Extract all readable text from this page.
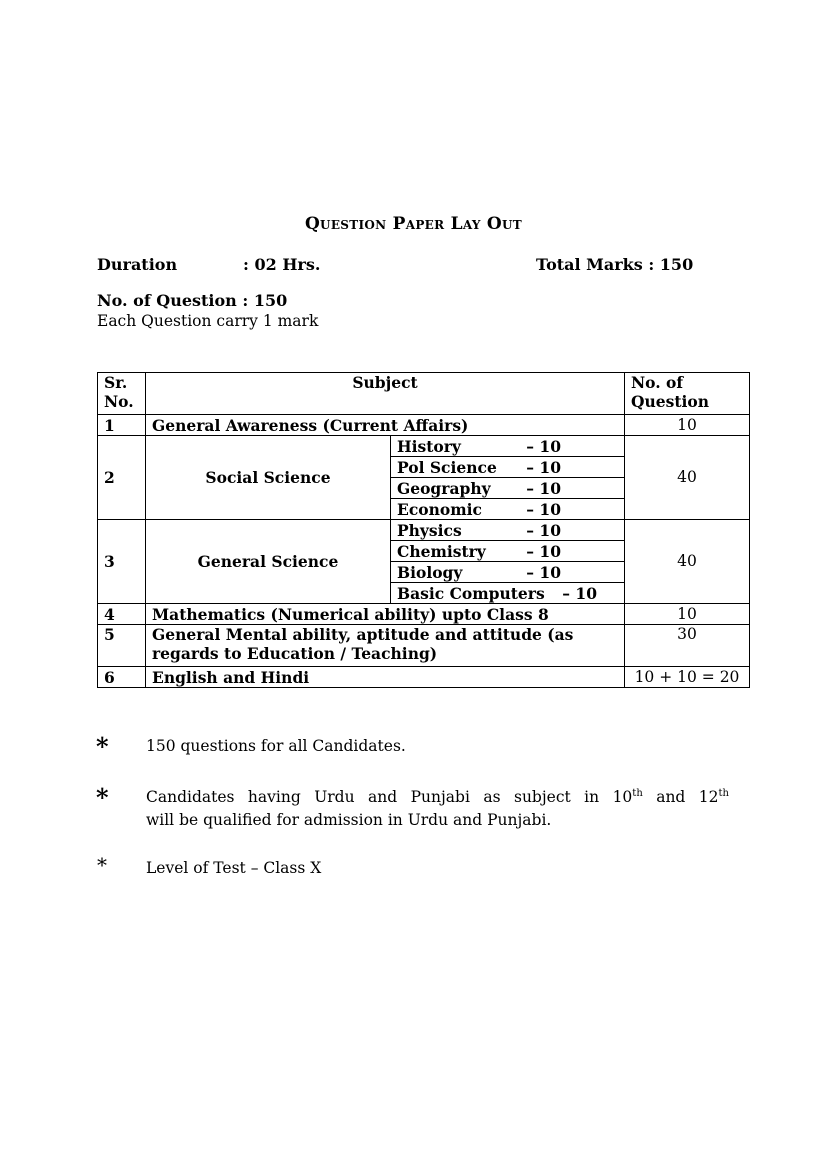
Question Paper Lay Out
Duration	: 02 Hrs.	Total Marks : 150
No. of Question : 150
Each Question carry 1 mark
Sr. No.	Subject		No. of Question
1	General Awareness (Current Affairs)		10
2	Social Science	History – 10	40

		Pol Science – 10	

		Geography – 10	

		Economic – 10	

3	General Science	Physics – 10	40

		Chemistry – 10	

		Biology – 10	

		Basic Computers – 10	

4	Mathematics (Numerical ability) upto Class 8		10
5	General Mental ability, aptitude and attitude (as regards to Education / Teaching)		30
6	English and Hindi		10 + 10 = 20
* 150 questions for all Candidates.
* Candidates having Urdu and Punjabi as subject in 10th and 12th
will be qualified for admission in Urdu and Punjabi.
*	Level of Test – Class X
